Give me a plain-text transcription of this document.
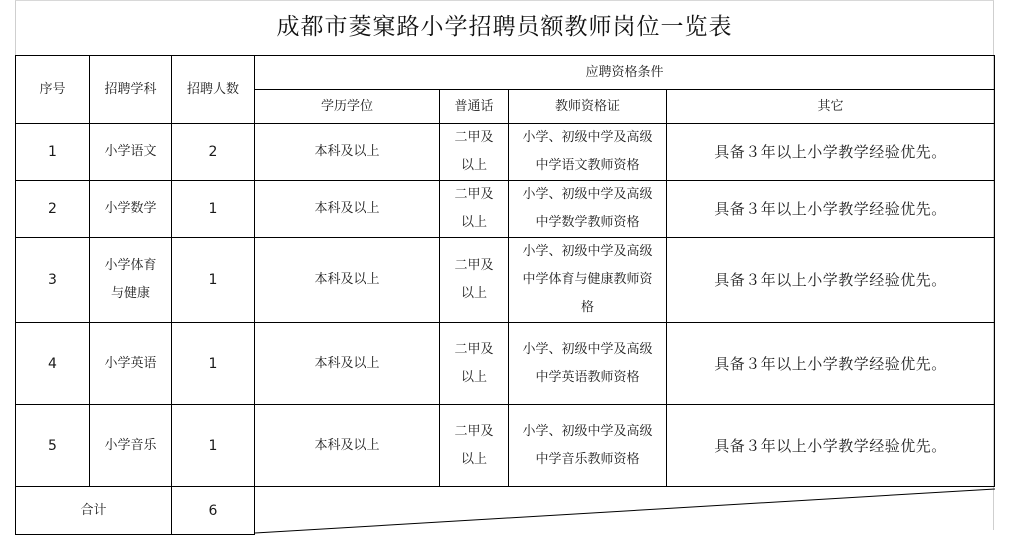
成都市菱窠路小学招聘员额教师岗位一览表
序号	招聘学科	招聘人数	应聘资格条件			
			学历学位	普通话	教师资格证	其它
1	小学语文	2	本科及以上	二甲及
以上	小学、初级中学及高级
中学语文教师资格	具备３年以上小学教学经验优先。
2	小学数学	1	本科及以上	二甲及
以上	小学、初级中学及高级
中学数学教师资格	具备３年以上小学教学经验优先。
3	小学体育
与健康	1	本科及以上	二甲及
以上	小学、初级中学及高级
中学体育与健康教师资
格	具备３年以上小学教学经验优先。
4	小学英语	1	本科及以上	二甲及
以上	小学、初级中学及高级
中学英语教师资格	具备３年以上小学教学经验优先。
5	小学音乐	1	本科及以上	二甲及
以上	小学、初级中学及高级
中学音乐教师资格	具备３年以上小学教学经验优先。
合计		6	
